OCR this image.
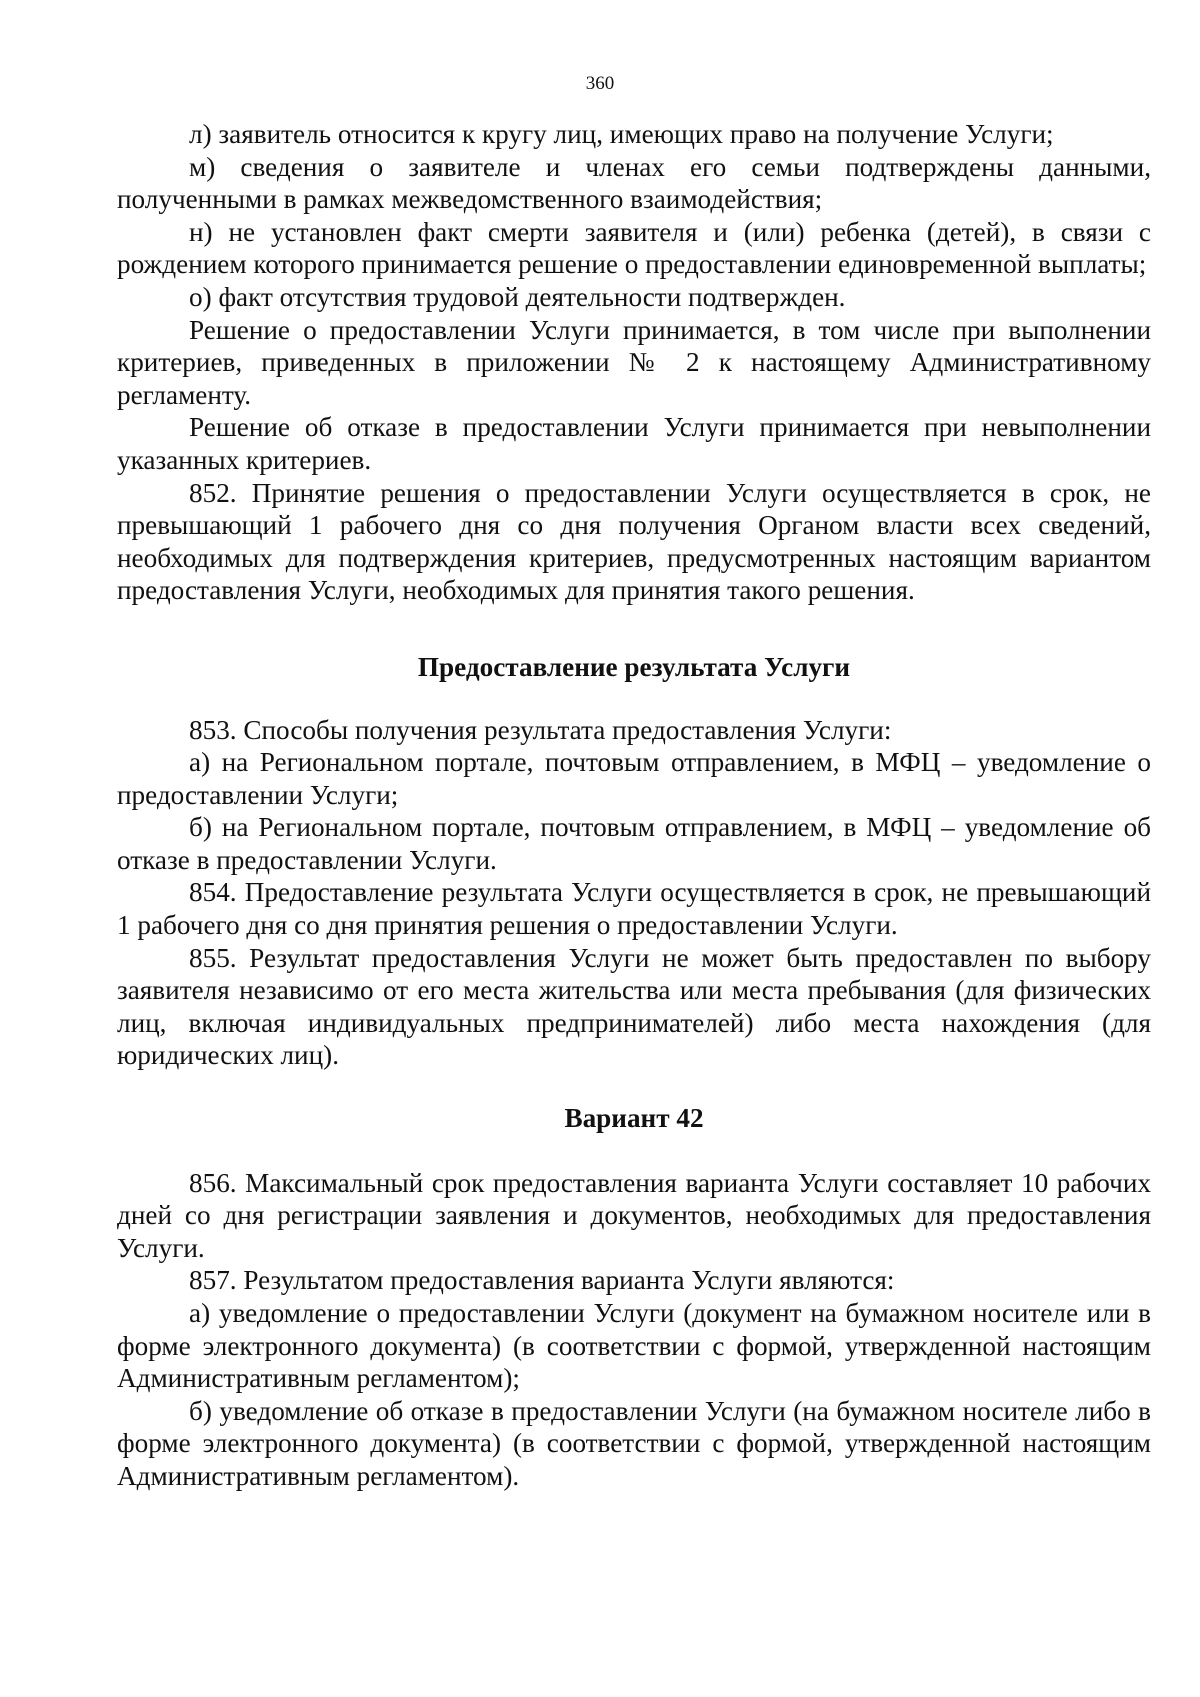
360

л) заявитель относится к кругу лиц, имеющих право на получение Услуги;

м) сведения о заявителе и членах его семьи подтверждены данными, полученными в рамках межведомственного взаимодействия;

н) не установлен факт смерти заявителя и (или) ребенка (детей), в связи с рождением которого принимается решение о предоставлении единовременной выплаты;

о) факт отсутствия трудовой деятельности подтвержден.

Решение о предоставлении Услуги принимается, в том числе при выполнении критериев, приведенных в приложении № 2 к настоящему Административному регламенту.

Решение об отказе в предоставлении Услуги принимается при невыполнении указанных критериев.

852. Принятие решения о предоставлении Услуги осуществляется в срок, не превышающий 1 рабочего дня со дня получения Органом власти всех сведений, необходимых для подтверждения критериев, предусмотренных настоящим вариантом предоставления Услуги, необходимых для принятия такого решения.

Предоставление результата Услуги

853. Способы получения результата предоставления Услуги:

а) на Региональном портале, почтовым отправлением, в МФЦ – уведомление о предоставлении Услуги;

б) на Региональном портале, почтовым отправлением, в МФЦ – уведомление об отказе в предоставлении Услуги.

854. Предоставление результата Услуги осуществляется в срок, не превышающий 1 рабочего дня со дня принятия решения о предоставлении Услуги.

855. Результат предоставления Услуги не может быть предоставлен по выбору заявителя независимо от его места жительства или места пребывания (для физических лиц, включая индивидуальных предпринимателей) либо места нахождения (для юридических лиц).

Вариант 42

856. Максимальный срок предоставления варианта Услуги составляет 10 рабочих дней со дня регистрации заявления и документов, необходимых для предоставления Услуги.

857. Результатом предоставления варианта Услуги являются:

а) уведомление о предоставлении Услуги (документ на бумажном носителе или в форме электронного документа) (в соответствии с формой, утвержденной настоящим Административным регламентом);

б) уведомление об отказе в предоставлении Услуги (на бумажном носителе либо в форме электронного документа) (в соответствии с формой, утвержденной настоящим Административным регламентом).
